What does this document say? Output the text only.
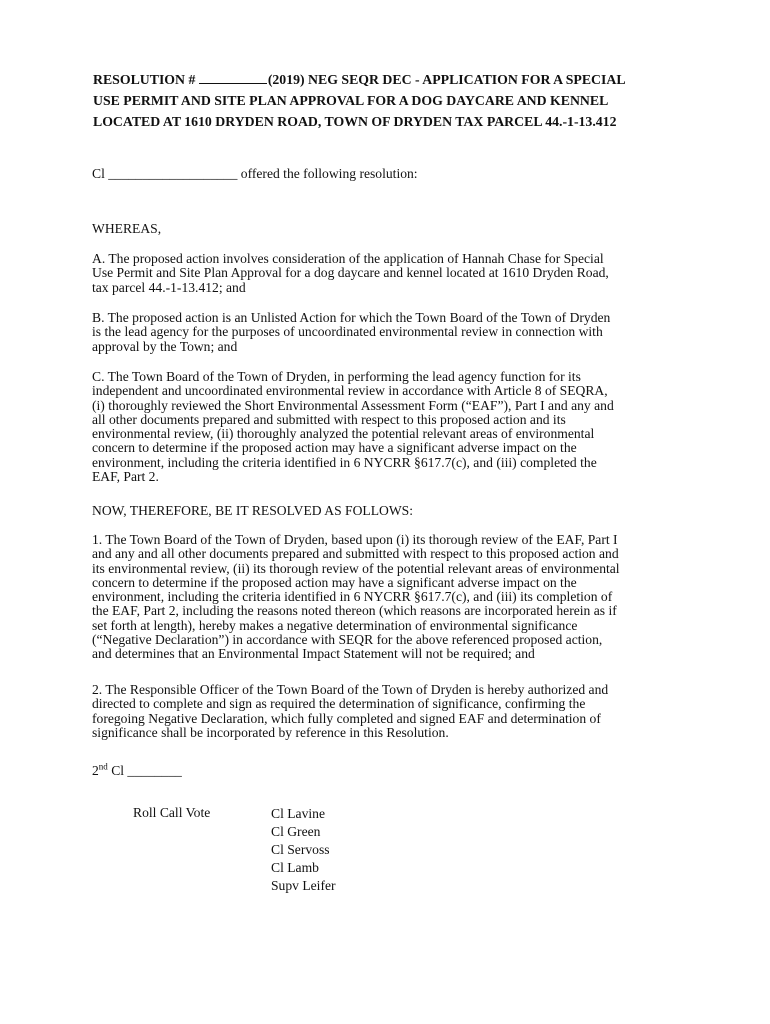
RESOLUTION #	(2019) NEG SEQR DEC - APPLICATION FOR A SPECIAL
USE PERMIT AND SITE PLAN APPROVAL FOR A DOG DAYCARE AND KENNEL
LOCATED AT 1610 DRYDEN ROAD, TOWN OF DRYDEN TAX PARCEL 44.-1-13.412
Cl ___________________ offered the following resolution:
WHEREAS,
A. The proposed action involves consideration of the application of Hannah Chase for Special
Use Permit and Site Plan Approval for a dog daycare and kennel located at 1610 Dryden Road,
tax parcel 44.-1-13.412; and
B. The proposed action is an Unlisted Action for which the Town Board of the Town of Dryden
is the lead agency for the purposes of uncoordinated environmental review in connection with
approval by the Town; and
C. The Town Board of the Town of Dryden, in performing the lead agency function for its
independent and uncoordinated environmental review in accordance with Article 8 of SEQRA,
(i) thoroughly reviewed the Short Environmental Assessment Form (“EAF”), Part I and any and
all other documents prepared and submitted with respect to this proposed action and its
environmental review, (ii) thoroughly analyzed the potential relevant areas of environmental
concern to determine if the proposed action may have a significant adverse impact on the
environment, including the criteria identified in 6 NYCRR §617.7(c), and (iii) completed the
EAF, Part 2.
NOW, THEREFORE, BE IT RESOLVED AS FOLLOWS:
1. The Town Board of the Town of Dryden, based upon (i) its thorough review of the EAF, Part I
and any and all other documents prepared and submitted with respect to this proposed action and
its environmental review, (ii) its thorough review of the potential relevant areas of environmental
concern to determine if the proposed action may have a significant adverse impact on the
environment, including the criteria identified in 6 NYCRR §617.7(c), and (iii) its completion of
the EAF, Part 2, including the reasons noted thereon (which reasons are incorporated herein as if
set forth at length), hereby makes a negative determination of environmental significance
(“Negative Declaration”) in accordance with SEQR for the above referenced proposed action,
and determines that an Environmental Impact Statement will not be required; and
2. The Responsible Officer of the Town Board of the Town of Dryden is hereby authorized and
directed to complete and sign as required the determination of significance, confirming the
foregoing Negative Declaration, which fully completed and signed EAF and determination of
significance shall be incorporated by reference in this Resolution.
2nd Cl ________
Roll Call Vote	Cl Lavine
Cl Green
Cl Servoss
Cl Lamb
Supv Leifer
